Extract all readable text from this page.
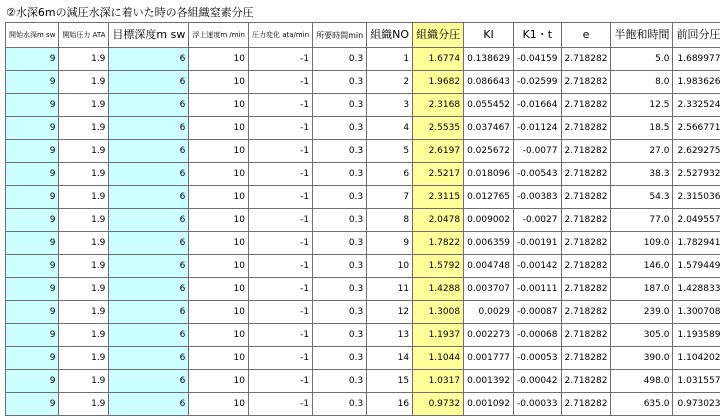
②水深6mの減圧水深に着いた時の各組織窒素分圧
開始水深m sw	開始圧力 ATA	目標深度m sw	浮上速度m /min	圧力変化 ata/min	所要時間min	組織NO	組織分圧	KI	K1・t	e	半飽和時間	前回分圧
9	1.9	6	10	-1	0.3	1	1.6774	0.138629	-0.04159	2.718282	5.0	1.689977
9	1.9	6	10	-1	0.3	2	1.9682	0.086643	-0.02599	2.718282	8.0	1.983626
9	1.9	6	10	-1	0.3	3	2.3168	0.055452	-0.01664	2.718282	12.5	2.332524
9	1.9	6	10	-1	0.3	4	2.5535	0.037467	-0.01124	2.718282	18.5	2.566771
9	1.9	6	10	-1	0.3	5	2.6197	0.025672	-0.0077	2.718282	27.0	2.629275
9	1.9	6	10	-1	0.3	6	2.5217	0.018096	-0.00543	2.718282	38.3	2.527932
9	1.9	6	10	-1	0.3	7	2.3115	0.012765	-0.00383	2.718282	54.3	2.315036
9	1.9	6	10	-1	0.3	8	2.0478	0.009002	-0.0027	2.718282	77.0	2.049557
9	1.9	6	10	-1	0.3	9	1.7822	0.006359	-0.00191	2.718282	109.0	1.782941
9	1.9	6	10	-1	0.3	10	1.5792	0.004748	-0.00142	2.718282	146.0	1.579449
9	1.9	6	10	-1	0.3	11	1.4288	0.003707	-0.00111	2.718282	187.0	1.428833
9	1.9	6	10	-1	0.3	12	1.3008	0.0029	-0.00087	2.718282	239.0	1.300708
9	1.9	6	10	-1	0.3	13	1.1937	0.002273	-0.00068	2.718282	305.0	1.193589
9	1.9	6	10	-1	0.3	14	1.1044	0.001777	-0.00053	2.718282	390.0	1.104202
9	1.9	6	10	-1	0.3	15	1.0317	0.001392	-0.00042	2.718282	498.0	1.031557
9	1.9	6	10	-1	0.3	16	0.9732	0.001092	-0.00033	2.718282	635.0	0.973023
